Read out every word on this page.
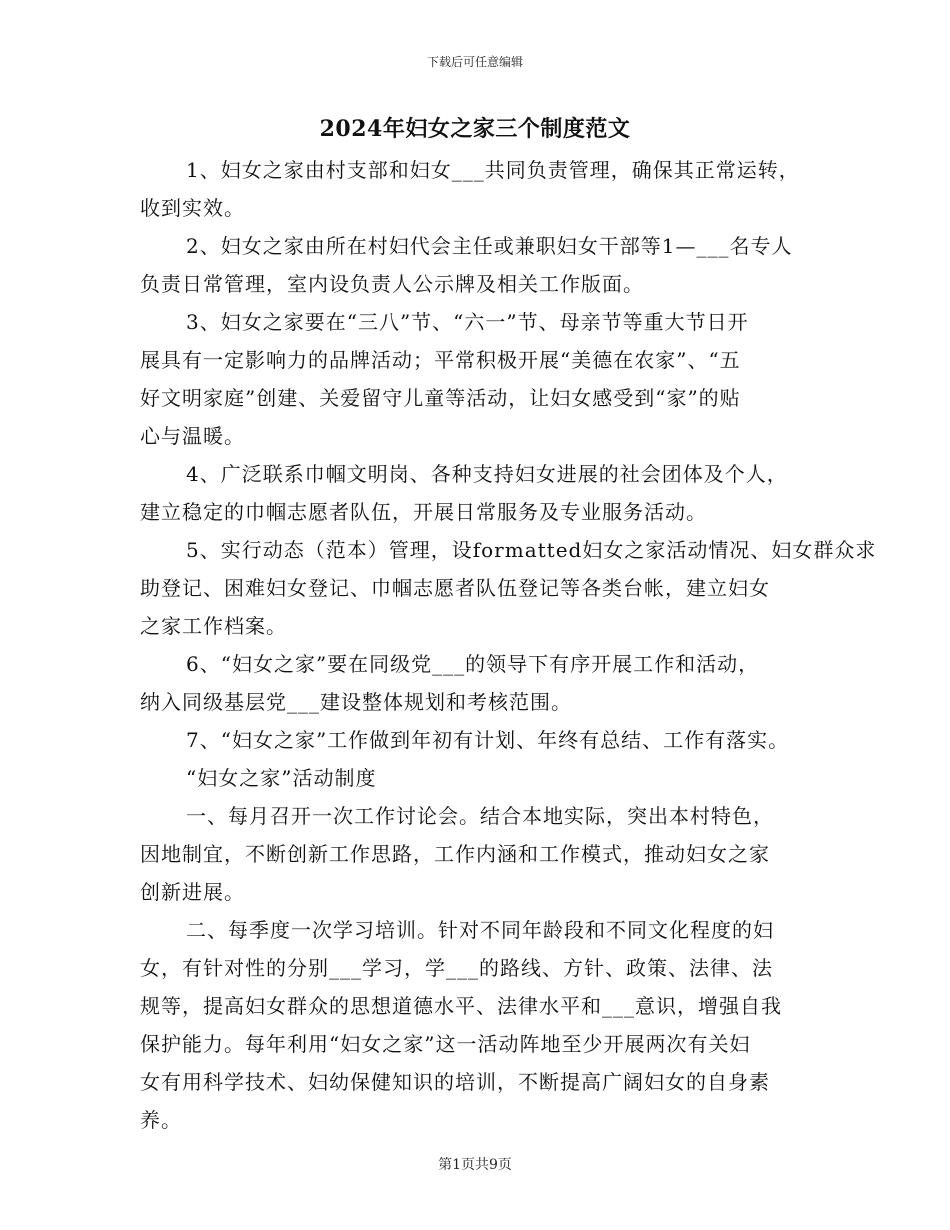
下载后可任意编辑
2024年妇女之家三个制度范文
1、妇女之家由村支部和妇女___共同负责管理，确保其正常运转，
收到实效。
2、妇女之家由所在村妇代会主任或兼职妇女干部等1—___名专人
负责日常管理，室内设负责人公示牌及相关工作版面。
3、妇女之家要在“三八”节、“六一”节、母亲节等重大节日开
展具有一定影响力的品牌活动；平常积极开展“美德在农家”、“五
好文明家庭”创建、关爱留守儿童等活动，让妇女感受到“家”的贴
心与温暖。
4、广泛联系巾帼文明岗、各种支持妇女进展的社会团体及个人，
建立稳定的巾帼志愿者队伍，开展日常服务及专业服务活动。
5、实行动态（范本）管理，设formatted妇女之家活动情况、妇女群众求
助登记、困难妇女登记、巾帼志愿者队伍登记等各类台帐，建立妇女
之家工作档案。
6、“妇女之家”要在同级党___的领导下有序开展工作和活动，
纳入同级基层党___建设整体规划和考核范围。
7、“妇女之家”工作做到年初有计划、年终有总结、工作有落实。
“妇女之家”活动制度
一、每月召开一次工作讨论会。结合本地实际，突出本村特色，
因地制宜，不断创新工作思路，工作内涵和工作模式，推动妇女之家
创新进展。
二、每季度一次学习培训。针对不同年龄段和不同文化程度的妇
女，有针对性的分别___学习，学___的路线、方针、政策、法律、法
规等，提高妇女群众的思想道德水平、法律水平和___意识，增强自我
保护能力。每年利用“妇女之家”这一活动阵地至少开展两次有关妇
女有用科学技术、妇幼保健知识的培训，不断提高广阔妇女的自身素
养。
第1页共9页
